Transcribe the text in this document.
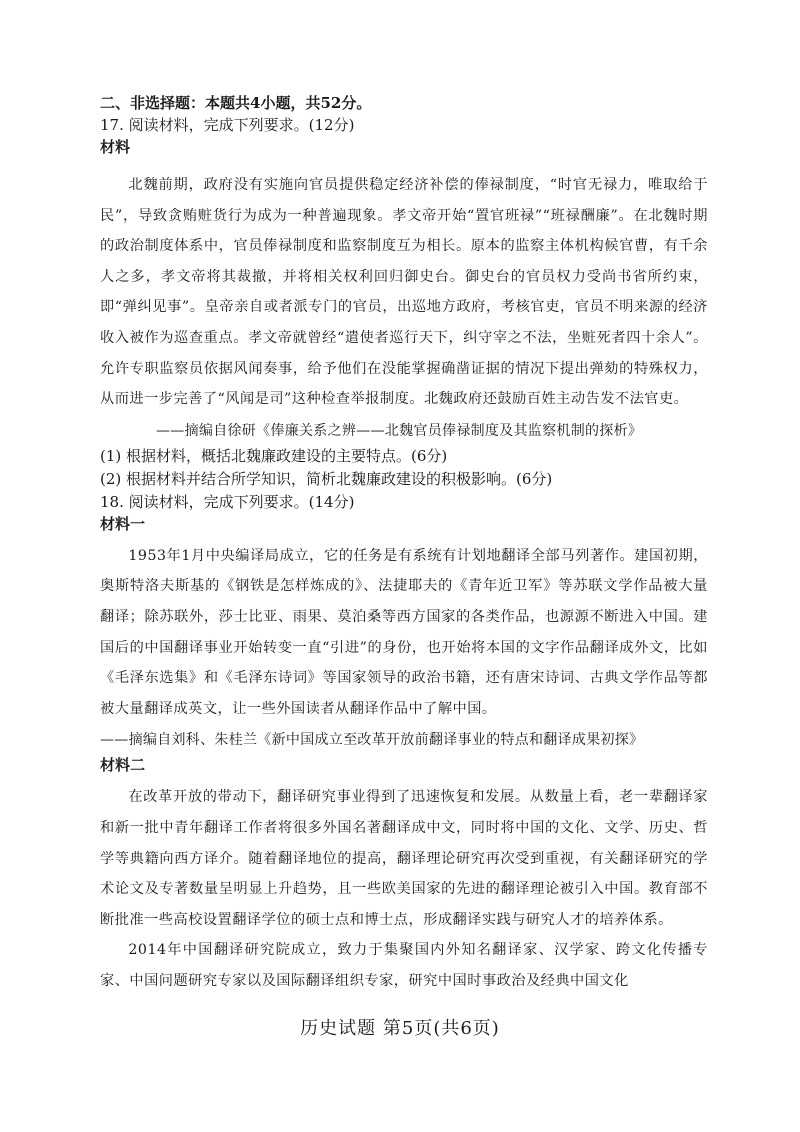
二、非选择题：本题共4小题，共52分。

17. 阅读材料，完成下列要求。(12分)

材料

北魏前期，政府没有实施向官员提供稳定经济补偿的俸禄制度，“时官无禄力，唯取给于民”，导致贪贿赃货行为成为一种普遍现象。孝文帝开始“置官班禄”“班禄酬廉”。在北魏时期的政治制度体系中，官员俸禄制度和监察制度互为相长。原本的监察主体机构候官曹，有千余人之多，孝文帝将其裁撤，并将相关权利回归御史台。御史台的官员权力受尚书省所约束，即“弹纠见事”。皇帝亲自或者派专门的官员，出巡地方政府，考核官吏，官员不明来源的经济收入被作为巡查重点。孝文帝就曾经“遣使者巡行天下，纠守宰之不法，坐赃死者四十余人”。允许专职监察员依据风闻奏事，给予他们在没能掌握确凿证据的情况下提出弹劾的特殊权力，从而进一步完善了“风闻是司”这种检查举报制度。北魏政府还鼓励百姓主动告发不法官吏。

——摘编自徐研《俸廉关系之辨——北魏官员俸禄制度及其监察机制的探析》

(1) 根据材料，概括北魏廉政建设的主要特点。(6分)

(2) 根据材料并结合所学知识，简析北魏廉政建设的积极影响。(6分)

18. 阅读材料，完成下列要求。(14分)

材料一

1953年1月中央编译局成立，它的任务是有系统有计划地翻译全部马列著作。建国初期，奥斯特洛夫斯基的《钢铁是怎样炼成的》、法捷耶夫的《青年近卫军》等苏联文学作品被大量翻译；除苏联外，莎士比亚、雨果、莫泊桑等西方国家的各类作品，也源源不断进入中国。建国后的中国翻译事业开始转变一直“引进”的身份，也开始将本国的文字作品翻译成外文，比如《毛泽东选集》和《毛泽东诗词》等国家领导的政治书籍，还有唐宋诗词、古典文学作品等都被大量翻译成英文，让一些外国读者从翻译作品中了解中国。

——摘编自刘科、朱桂兰《新中国成立至改革开放前翻译事业的特点和翻译成果初探》

材料二

在改革开放的带动下，翻译研究事业得到了迅速恢复和发展。从数量上看，老一辈翻译家和新一批中青年翻译工作者将很多外国名著翻译成中文，同时将中国的文化、文学、历史、哲学等典籍向西方译介。随着翻译地位的提高，翻译理论研究再次受到重视，有关翻译研究的学术论文及专著数量呈明显上升趋势，且一些欧美国家的先进的翻译理论被引入中国。教育部不断批准一些高校设置翻译学位的硕士点和博士点，形成翻译实践与研究人才的培养体系。

2014年中国翻译研究院成立，致力于集聚国内外知名翻译家、汉学家、跨文化传播专家、中国问题研究专家以及国际翻译组织专家，研究中国时事政治及经典中国文化

历史试题 第5页(共6页)
